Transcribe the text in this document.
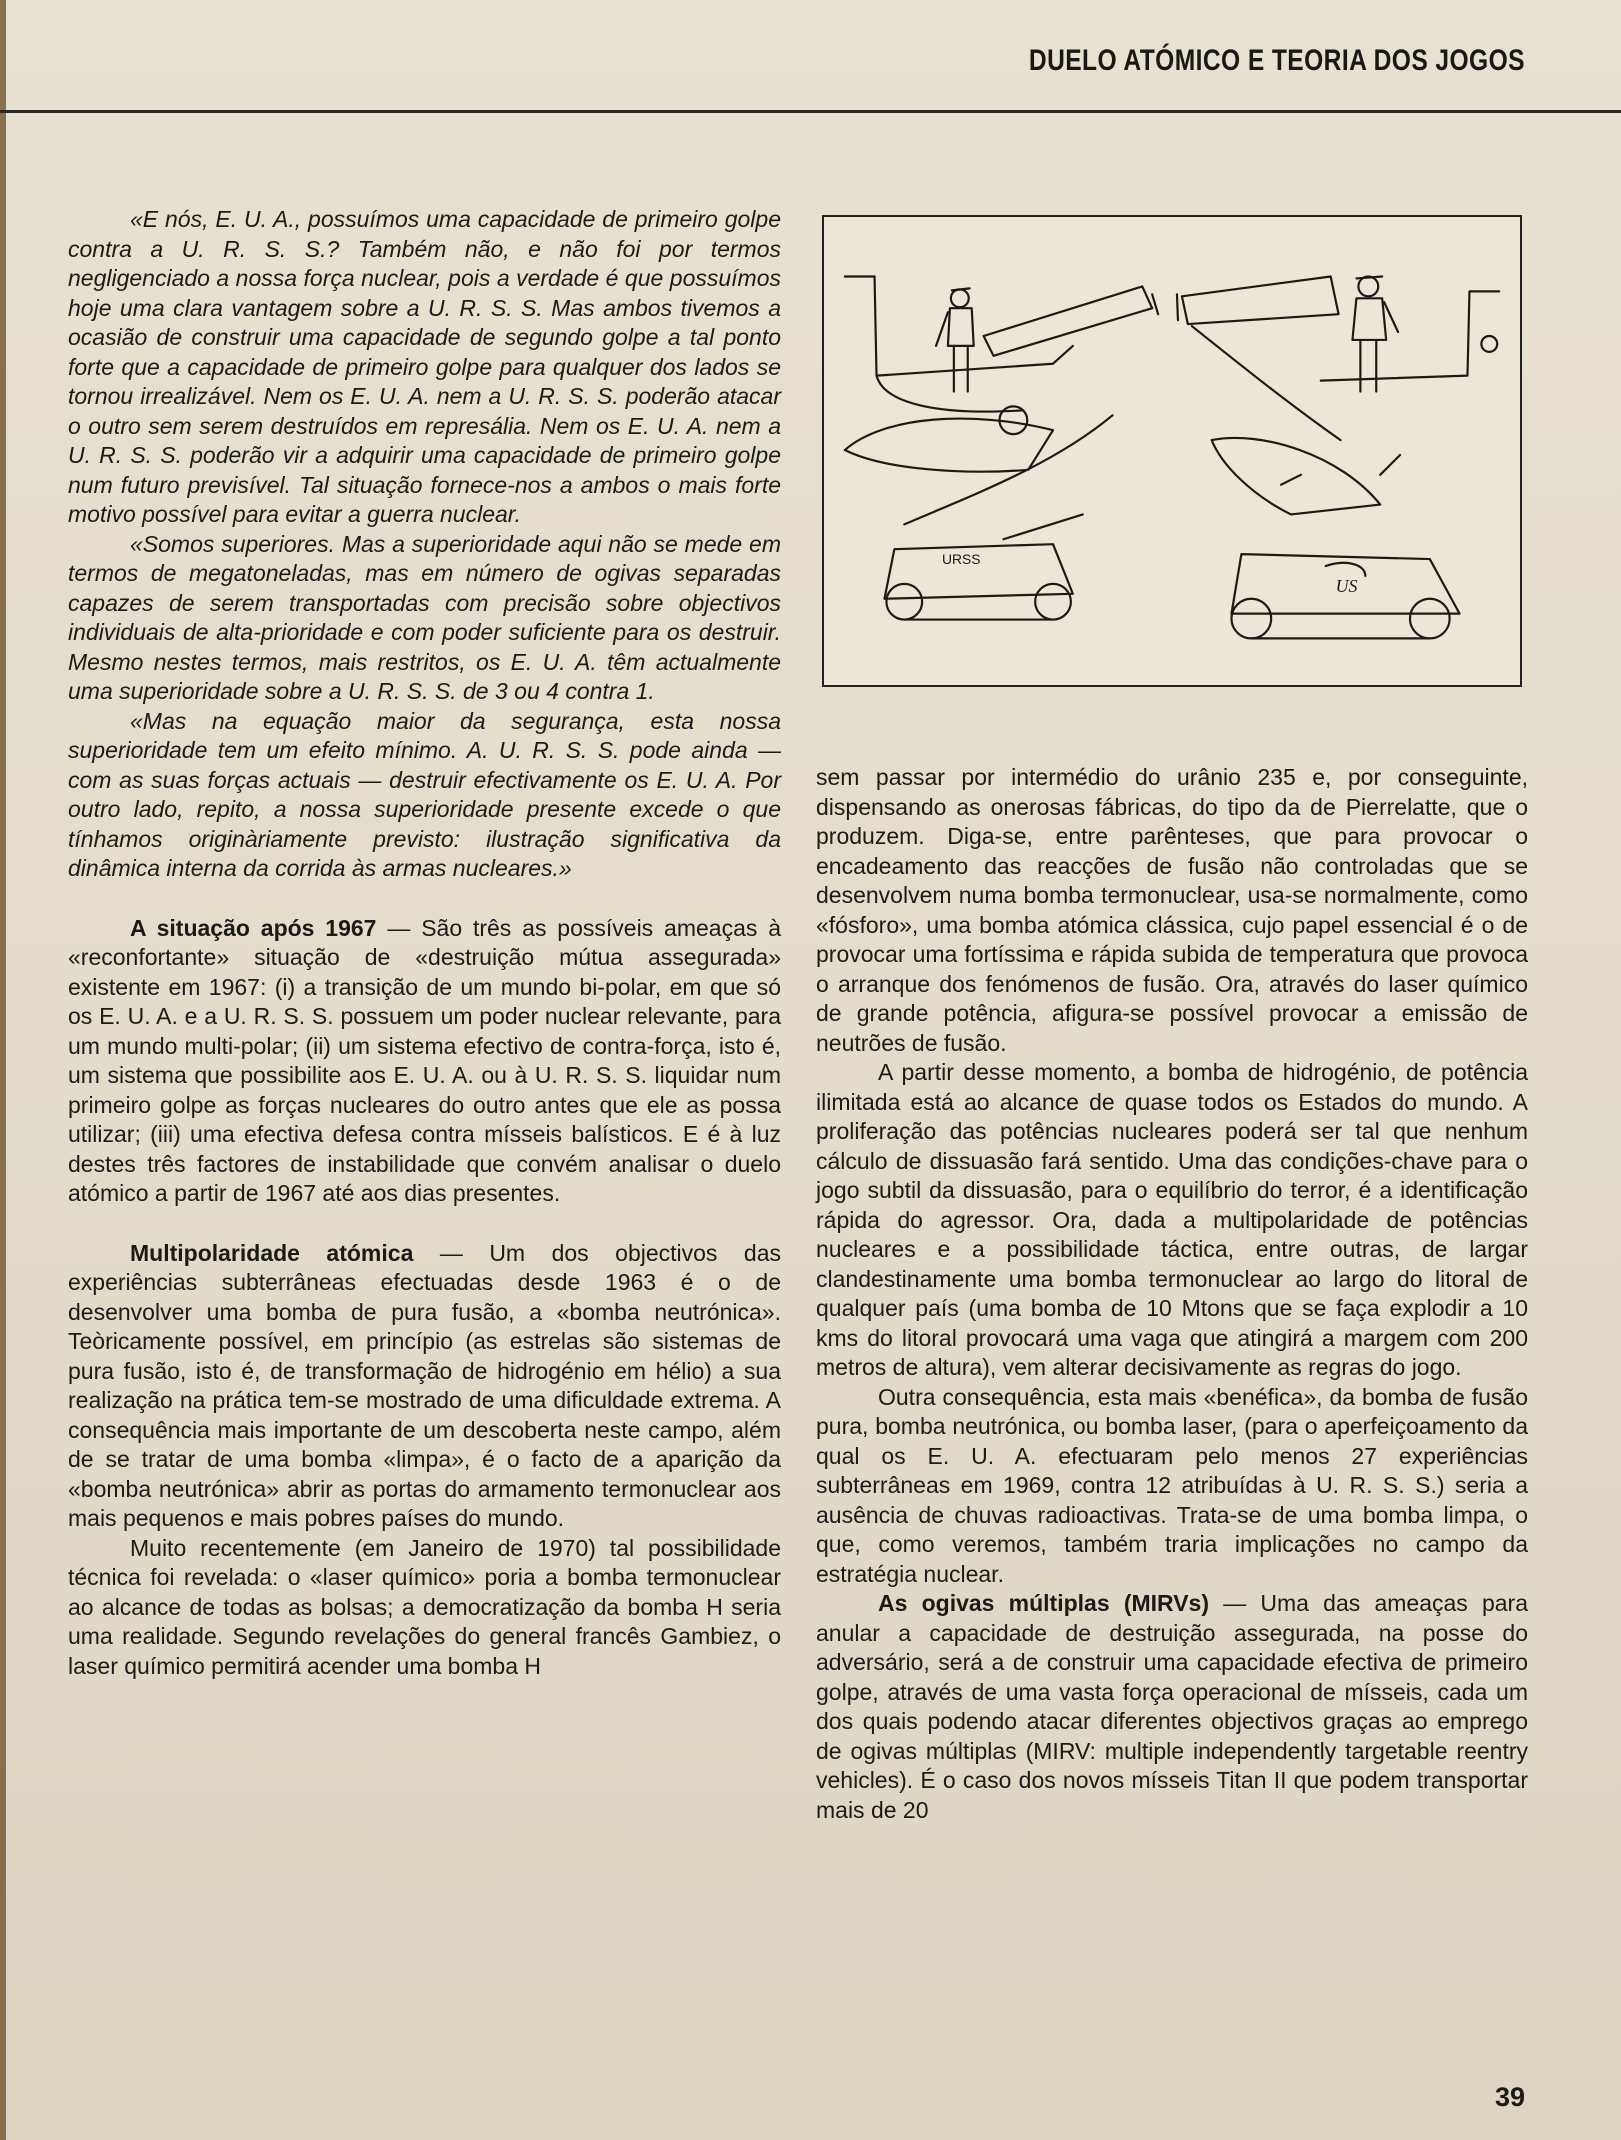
DUELO ATÓMICO E TEORIA DOS JOGOS

«E nós, E. U. A., possuímos uma capacidade de primeiro golpe contra a U. R. S. S.? Também não, e não foi por termos negligenciado a nossa força nuclear, pois a verdade é que possuímos hoje uma clara vantagem sobre a U. R. S. S. Mas ambos tivemos a ocasião de construir uma capacidade de segundo golpe a tal ponto forte que a capacidade de primeiro golpe para qualquer dos lados se tornou irrealizável. Nem os E. U. A. nem a U. R. S. S. poderão atacar o outro sem serem destruídos em represália. Nem os E. U. A. nem a U. R. S. S. poderão vir a adquirir uma capacidade de primeiro golpe num futuro previsível. Tal situação fornece-nos a ambos o mais forte motivo possível para evitar a guerra nuclear.

«Somos superiores. Mas a superioridade aqui não se mede em termos de megatoneladas, mas em número de ogivas separadas capazes de serem transportadas com precisão sobre objectivos individuais de alta-prioridade e com poder suficiente para os destruir. Mesmo nestes termos, mais restritos, os E. U. A. têm actualmente uma superioridade sobre a U. R. S. S. de 3 ou 4 contra 1.

«Mas na equação maior da segurança, esta nossa superioridade tem um efeito mínimo. A. U. R. S. S. pode ainda — com as suas forças actuais — destruir efectivamente os E. U. A. Por outro lado, repito, a nossa superioridade presente excede o que tínhamos originàriamente previsto: ilustração significativa da dinâmica interna da corrida às armas nucleares.»

A situação após 1967 — São três as possíveis ameaças à «reconfortante» situação de «destruição mútua assegurada» existente em 1967: (i) a transição de um mundo bi-polar, em que só os E. U. A. e a U. R. S. S. possuem um poder nuclear relevante, para um mundo multi-polar; (ii) um sistema efectivo de contra-força, isto é, um sistema que possibilite aos E. U. A. ou à U. R. S. S. liquidar num primeiro golpe as forças nucleares do outro antes que ele as possa utilizar; (iii) uma efectiva defesa contra mísseis balísticos. E é à luz destes três factores de instabilidade que convém analisar o duelo atómico a partir de 1967 até aos dias presentes.

Multipolaridade atómica — Um dos objectivos das experiências subterrâneas efectuadas desde 1963 é o de desenvolver uma bomba de pura fusão, a «bomba neutrónica». Teòricamente possível, em princípio (as estrelas são sistemas de pura fusão, isto é, de transformação de hidrogénio em hélio) a sua realização na prática tem-se mostrado de uma dificuldade extrema. A consequência mais importante de um descoberta neste campo, além de se tratar de uma bomba «limpa», é o facto de a aparição da «bomba neutrónica» abrir as portas do armamento termonuclear aos mais pequenos e mais pobres países do mundo.

Muito recentemente (em Janeiro de 1970) tal possibilidade técnica foi revelada: o «laser químico» poria a bomba termonuclear ao alcance de todas as bolsas; a democratização da bomba H seria uma realidade. Segundo revelações do general francês Gambiez, o laser químico permitirá acender uma bomba H

URSS
US

sem passar por intermédio do urânio 235 e, por conseguinte, dispensando as onerosas fábricas, do tipo da de Pierrelatte, que o produzem. Diga-se, entre parênteses, que para provocar o encadeamento das reacções de fusão não controladas que se desenvolvem numa bomba termonuclear, usa-se normalmente, como «fósforo», uma bomba atómica clássica, cujo papel essencial é o de provocar uma fortíssima e rápida subida de temperatura que provoca o arranque dos fenómenos de fusão. Ora, através do laser químico de grande potência, afigura-se possível provocar a emissão de neutrões de fusão.

A partir desse momento, a bomba de hidrogénio, de potência ilimitada está ao alcance de quase todos os Estados do mundo. A proliferação das potências nucleares poderá ser tal que nenhum cálculo de dissuasão fará sentido. Uma das condições-chave para o jogo subtil da dissuasão, para o equilíbrio do terror, é a identificação rápida do agressor. Ora, dada a multipolaridade de potências nucleares e a possibilidade táctica, entre outras, de largar clandestinamente uma bomba termonuclear ao largo do litoral de qualquer país (uma bomba de 10 Mtons que se faça explodir a 10 kms do litoral provocará uma vaga que atingirá a margem com 200 metros de altura), vem alterar decisivamente as regras do jogo.

Outra consequência, esta mais «benéfica», da bomba de fusão pura, bomba neutrónica, ou bomba laser, (para o aperfeiçoamento da qual os E. U. A. efectuaram pelo menos 27 experiências subterrâneas em 1969, contra 12 atribuídas à U. R. S. S.) seria a ausência de chuvas radioactivas. Trata-se de uma bomba limpa, o que, como veremos, também traria implicações no campo da estratégia nuclear.

As ogivas múltiplas (MIRVs) — Uma das ameaças para anular a capacidade de destruição assegurada, na posse do adversário, será a de construir uma capacidade efectiva de primeiro golpe, através de uma vasta força operacional de mísseis, cada um dos quais podendo atacar diferentes objectivos graças ao emprego de ogivas múltiplas (MIRV: multiple independently targetable reentry vehicles). É o caso dos novos mísseis Titan II que podem transportar mais de 20

39
